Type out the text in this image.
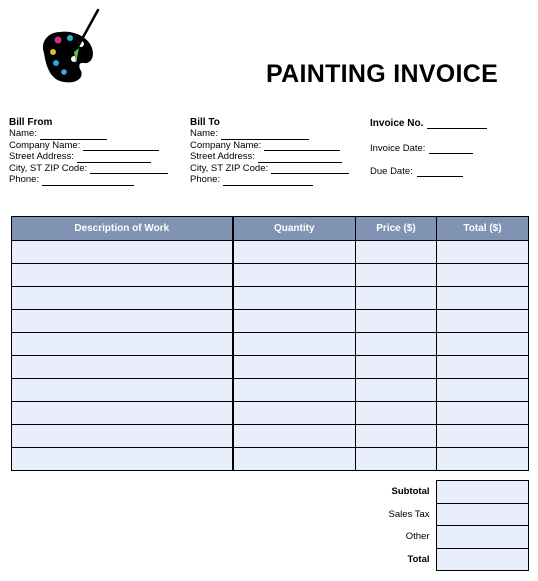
PAINTING INVOICE
Bill From
Name:
Company Name:
Street Address:
City, ST ZIP Code:
Phone:
Bill To
Name:
Company Name:
Street Address:
City, ST ZIP Code:
Phone:
Invoice No.
Invoice Date:
Due Date:
Description of Work	Quantity	Price ($)	Total ($)

Subtotal	
Sales Tax	
Other	
Total	
